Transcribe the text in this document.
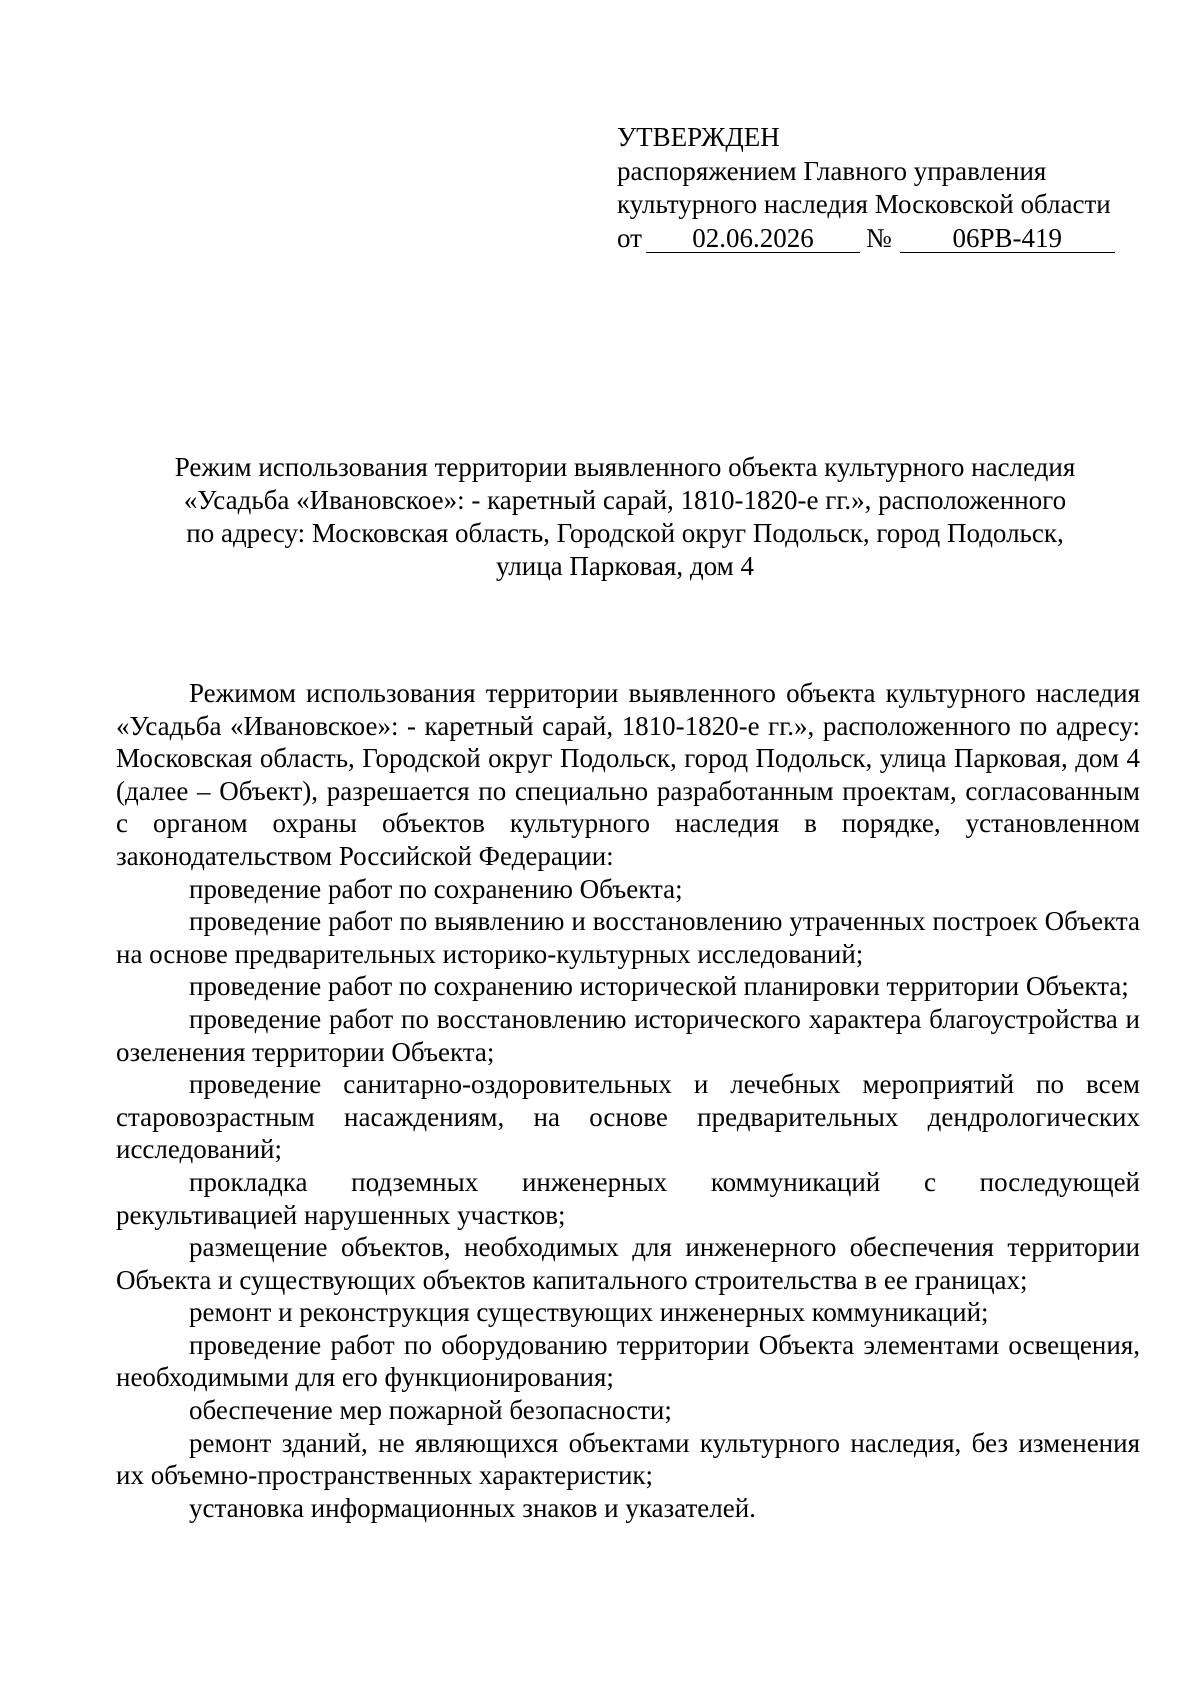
УТВЕРЖДЕН
распоряжением Главного управления
культурного наследия Московской области
от 02.06.2026 № 06РВ-419
Режим использования территории выявленного объекта культурного наследия
«Усадьба «Ивановское»: - каретный сарай, 1810-1820-е гг.», расположенного
по адресу: Московская область, Городской округ Подольск, город Подольск,
улица Парковая, дом 4

Режимом использования территории выявленного объекта культурного наследия «Усадьба «Ивановское»: - каретный сарай, 1810-1820-е гг.», расположенного по адресу: Московская область, Городской округ Подольск, город Подольск, улица Парковая, дом 4 (далее – Объект), разрешается по специально разработанным проектам, согласованным с органом охраны объектов культурного наследия в порядке, установленном законодательством Российской Федерации:

проведение работ по сохранению Объекта;

проведение работ по выявлению и восстановлению утраченных построек Объекта на основе предварительных историко-культурных исследований;

проведение работ по сохранению исторической планировки территории Объекта;

проведение работ по восстановлению исторического характера благоустройства и озеленения территории Объекта;

проведение санитарно-оздоровительных и лечебных мероприятий по всем старовозрастным насаждениям, на основе предварительных дендрологических исследований;

прокладка подземных инженерных коммуникаций с последующей рекультивацией нарушенных участков;

размещение объектов, необходимых для инженерного обеспечения территории Объекта и существующих объектов капитального строительства в ее границах;

ремонт и реконструкция существующих инженерных коммуникаций;

проведение работ по оборудованию территории Объекта элементами освещения, необходимыми для его функционирования;

обеспечение мер пожарной безопасности;

ремонт зданий, не являющихся объектами культурного наследия, без изменения их объемно-пространственных характеристик;

установка информационных знаков и указателей.
